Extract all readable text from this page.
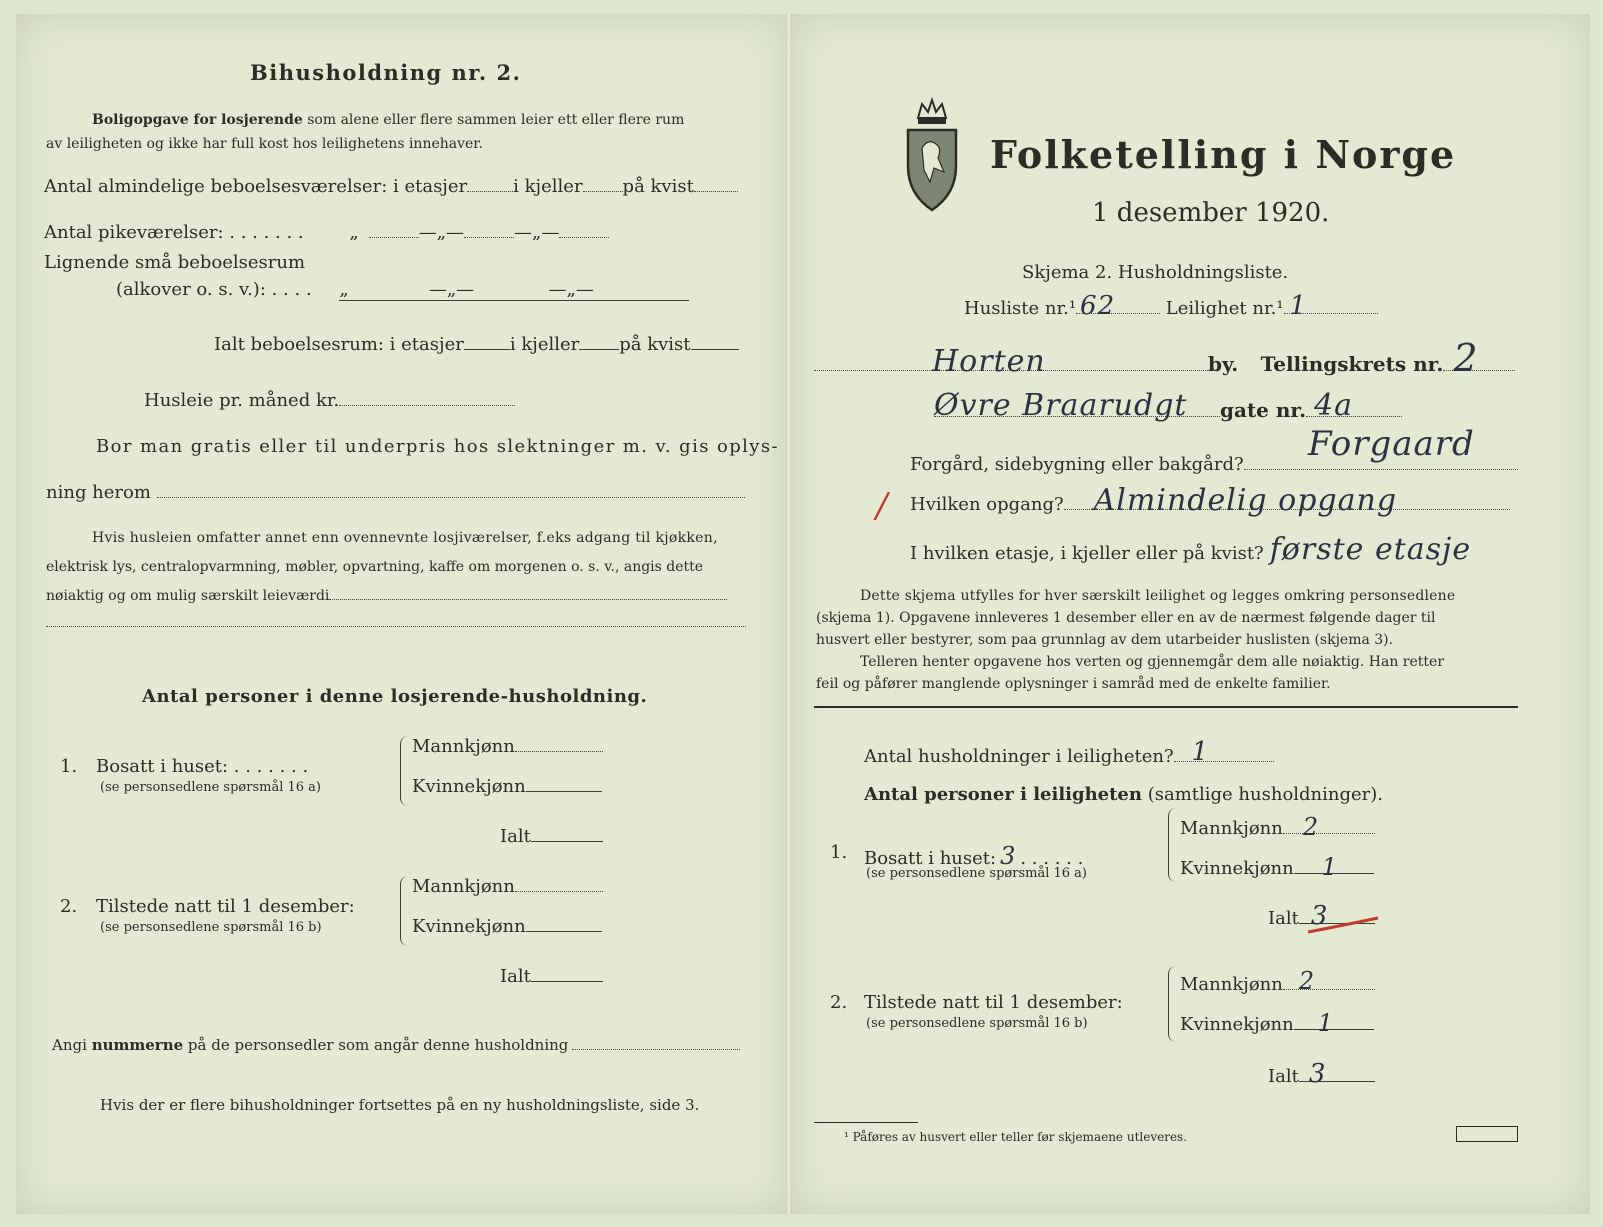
Bihusholdning nr. 2.
Boligopgave for losjerende som alene eller flere sammen leier ett eller flere rum
av leiligheten og ikke har full kost hos leilighetens innehaver.
Antal almindelige beboelsesværelser: i etasjer	i kjeller på kvist
Antal pikeværelser: . . . . . . .	„	—„—	—„—
Lignende små beboelsesrum
(alkover o. s. v.): . . . . „              —„—             —„—
Ialt beboelsesrum: i etasjer	i kjeller på kvist
Husleie pr. måned kr.
Bor man gratis eller til underpris hos slektninger m. v. gis oplys-
ning herom
Hvis husleien omfatter annet enn ovennevnte losjiværelser, f.eks adgang til kjøkken,
elektrisk lys, centralopvarmning, møbler, opvartning, kaffe om morgenen o. s. v., angis dette
nøiaktig og om mulig særskilt leieværdi
Antal personer i denne losjerende-husholdning.
1. Bosatt i huset: . . . . . . .
(se personsedlene spørsmål 16 a)
Mannkjønn
Kvinnekjønn
Ialt
2. Tilstede natt til 1 desember:
(se personsedlene spørsmål 16 b)
Mannkjønn
Kvinnekjønn
Ialt
Angi nummerne på de personsedler som angår denne husholdning
Hvis der er flere bihusholdninger fortsettes på en ny husholdningsliste, side 3.
Folketelling i Norge
1 desember 1920.
Skjema 2. Husholdningsliste.
Husliste nr.¹ 62	Leilighet nr.¹ 1
Horten	by. Tellingskrets nr. 2
Øvre Braarudgt gate nr. 4a
Forgaard
Forgård, sidebygning eller bakgård?
/ Hvilken opgang? Almindelig opgang
I hvilken etasje, i kjeller eller på kvist? første etasje
Dette skjema utfylles for hver særskilt leilighet og legges omkring personsedlene
(skjema 1). Opgavene innleveres 1 desember eller en av de nærmest følgende dager til
husvert eller bestyrer, som paa grunnlag av dem utarbeider huslisten (skjema 3).
Telleren henter opgavene hos verten og gjennemgår dem alle nøiaktig. Han retter
feil og påfører manglende oplysninger i samråd med de enkelte familier.
Antal husholdninger i leiligheten? 1
Antal personer i leiligheten (samtlige husholdninger).
1. Bosatt i huset: 3 . . . . . .
(se personsedlene spørsmål 16 a)
Mannkjønn 2
Kvinnekjønn 1
Ialt 3
2. Tilstede natt til 1 desember:
(se personsedlene spørsmål 16 b)
Mannkjønn 2
Kvinnekjønn 1
Ialt 3
¹ Påføres av husvert eller teller før skjemaene utleveres.
